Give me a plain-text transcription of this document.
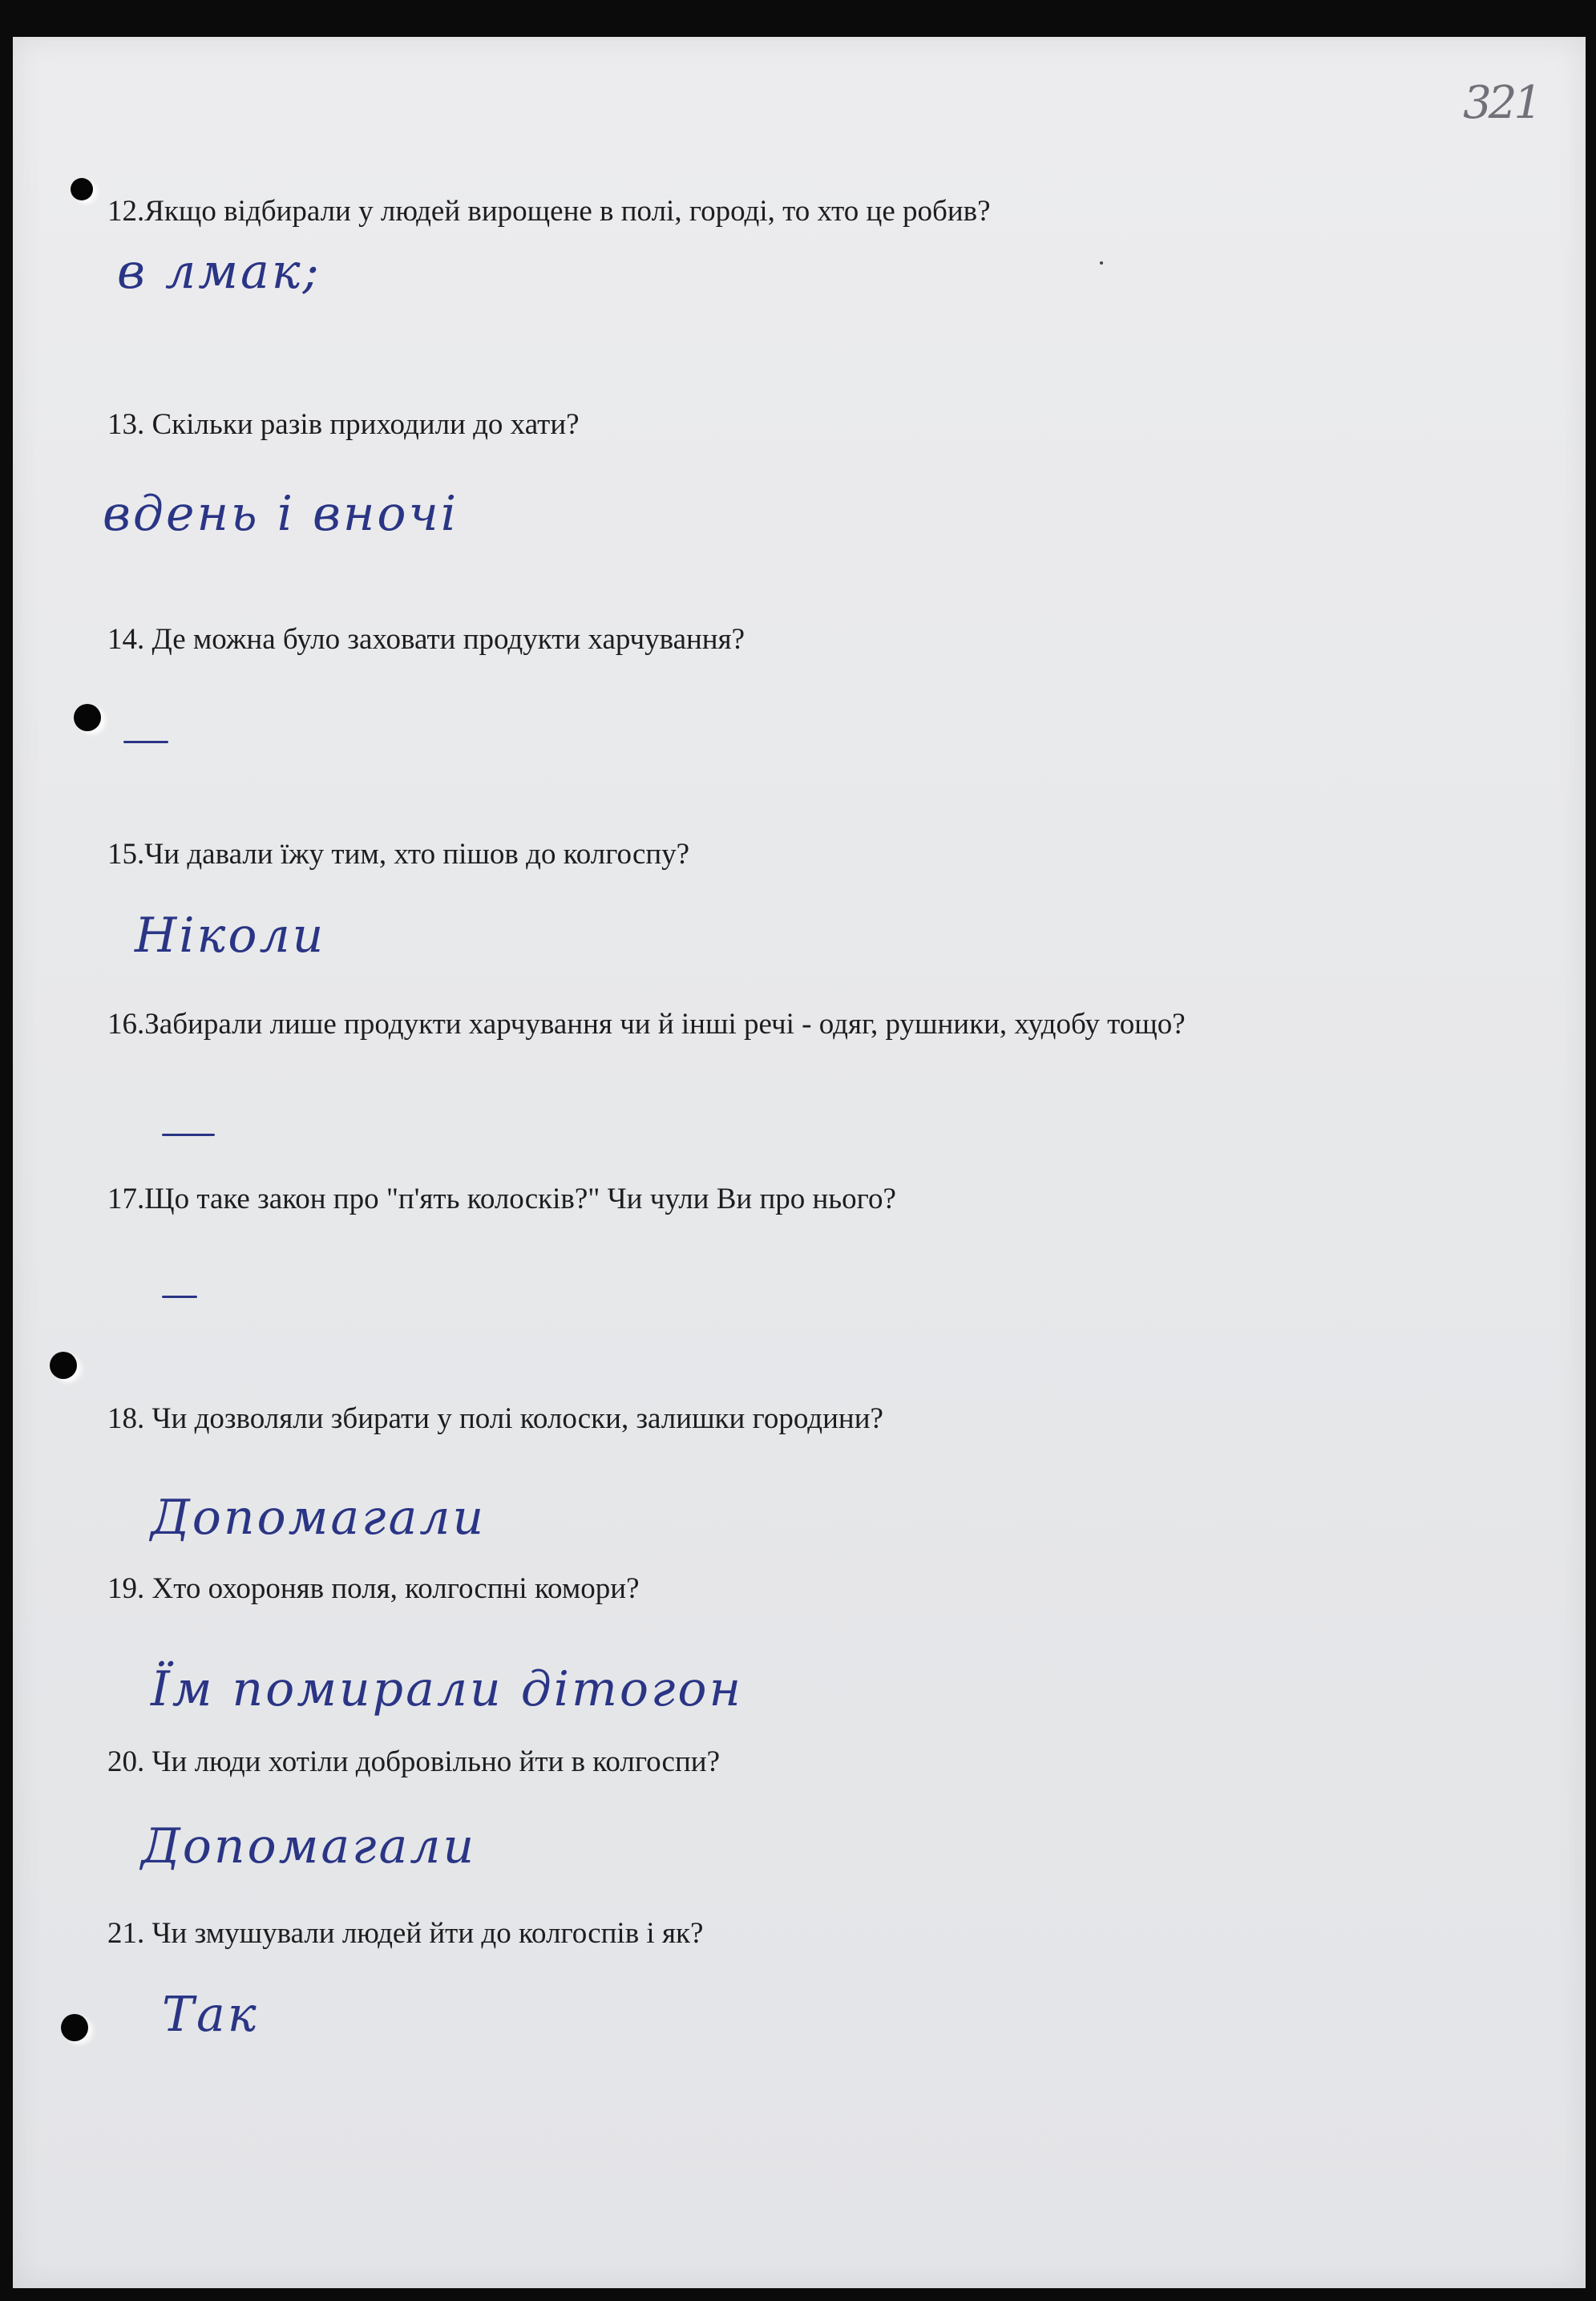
321
12.Якщо відбирали у людей вирощене в полі, городі, то хто це робив?
в лмак;
13. Скільки разів приходили до хати?
вдень і вночі
14. Де можна було заховати продукти харчування?
15.Чи давали їжу тим, хто пішов до колгоспу?
Ніколи
16.Забирали лише продукти харчування чи й інші речі - одяг, рушники, худобу тощо?
17.Що таке закон про "п'ять колосків?" Чи чули Ви про нього?
18. Чи дозволяли збирати у полі колоски, залишки городини?
Допомагали
19. Хто охороняв поля, колгоспні комори?
Їм помирали дітогон
20. Чи люди хотіли добровільно йти в колгоспи?
Допомагали
21. Чи змушували людей йти до колгоспів і як?
Так
